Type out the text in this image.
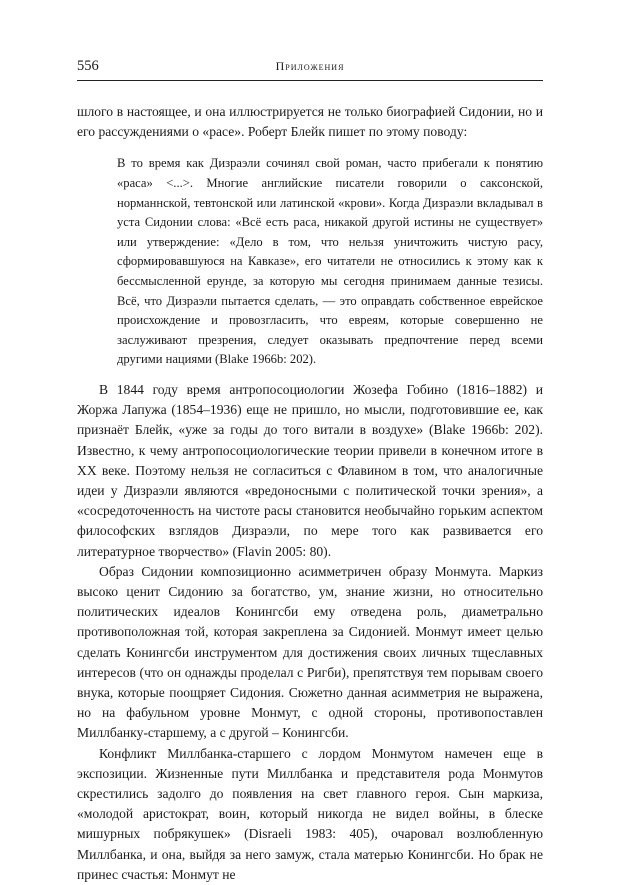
556	Приложения

шлого в настоящее, и она иллюстрируется не только биографией Сидонии, но и его рассуждениями о «расе». Роберт Блейк пишет по этому поводу:

В то время как Дизраэли сочинял свой роман, часто прибегали к понятию «раса» <...>. Многие английские писатели говорили о саксонской, норманнской, тевтонской или латинской «крови». Когда Дизраэли вкладывал в уста Сидонии слова: «Всё есть раса, никакой другой истины не существует» или утверждение: «Дело в том, что нельзя уничтожить чистую расу, сформировавшуюся на Кавказе», его читатели не относились к этому как к бессмысленной ерунде, за которую мы сегодня принимаем данные тезисы. Всё, что Дизраэли пытается сделать, — это оправдать собственное еврейское происхождение и провозгласить, что евреям, которые совершенно не заслуживают презрения, следует оказывать предпочтение перед всеми другими нациями (Blake 1966b: 202).

В 1844 году время антропосоциологии Жозефа Гобино (1816–1882) и Жоржа Лапужа (1854–1936) еще не пришло, но мысли, подготовившие ее, как признаёт Блейк, «уже за годы до того витали в воздухе» (Blake 1966b: 202). Известно, к чему антропосоциологические теории привели в конечном итоге в XX веке. Поэтому нельзя не согласиться с Флавином в том, что аналогичные идеи у Дизраэли являются «вредоносными с политической точки зрения», а «сосредоточенность на чистоте расы становится необычайно горьким аспектом философских взглядов Дизраэли, по мере того как развивается его литературное творчество» (Flavin 2005: 80).

Образ Сидонии композиционно асимметричен образу Монмута. Маркиз высоко ценит Сидонию за богатство, ум, знание жизни, но относительно политических идеалов Конингсби ему отведена роль, диаметрально противоположная той, которая закреплена за Сидонией. Монмут имеет целью сделать Конингсби инструментом для достижения своих личных тщеславных интересов (что он однажды проделал с Ригби), препятствуя тем порывам своего внука, которые поощряет Сидония. Сюжетно данная асимметрия не выражена, но на фабульном уровне Монмут, с одной стороны, противопоставлен Миллбанку-старшему, а с другой – Конингсби.

Конфликт Миллбанка-старшего с лордом Монмутом намечен еще в экспозиции. Жизненные пути Миллбанка и представителя рода Монмутов скрестились задолго до появления на свет главного героя. Сын маркиза, «молодой аристократ, воин, который никогда не видел войны, в блеске мишурных побрякушек» (Disraeli 1983: 405), очаровал возлюбленную Миллбанка, и она, выйдя за него замуж, стала матерью Конингсби. Но брак не принес счастья: Монмут не
